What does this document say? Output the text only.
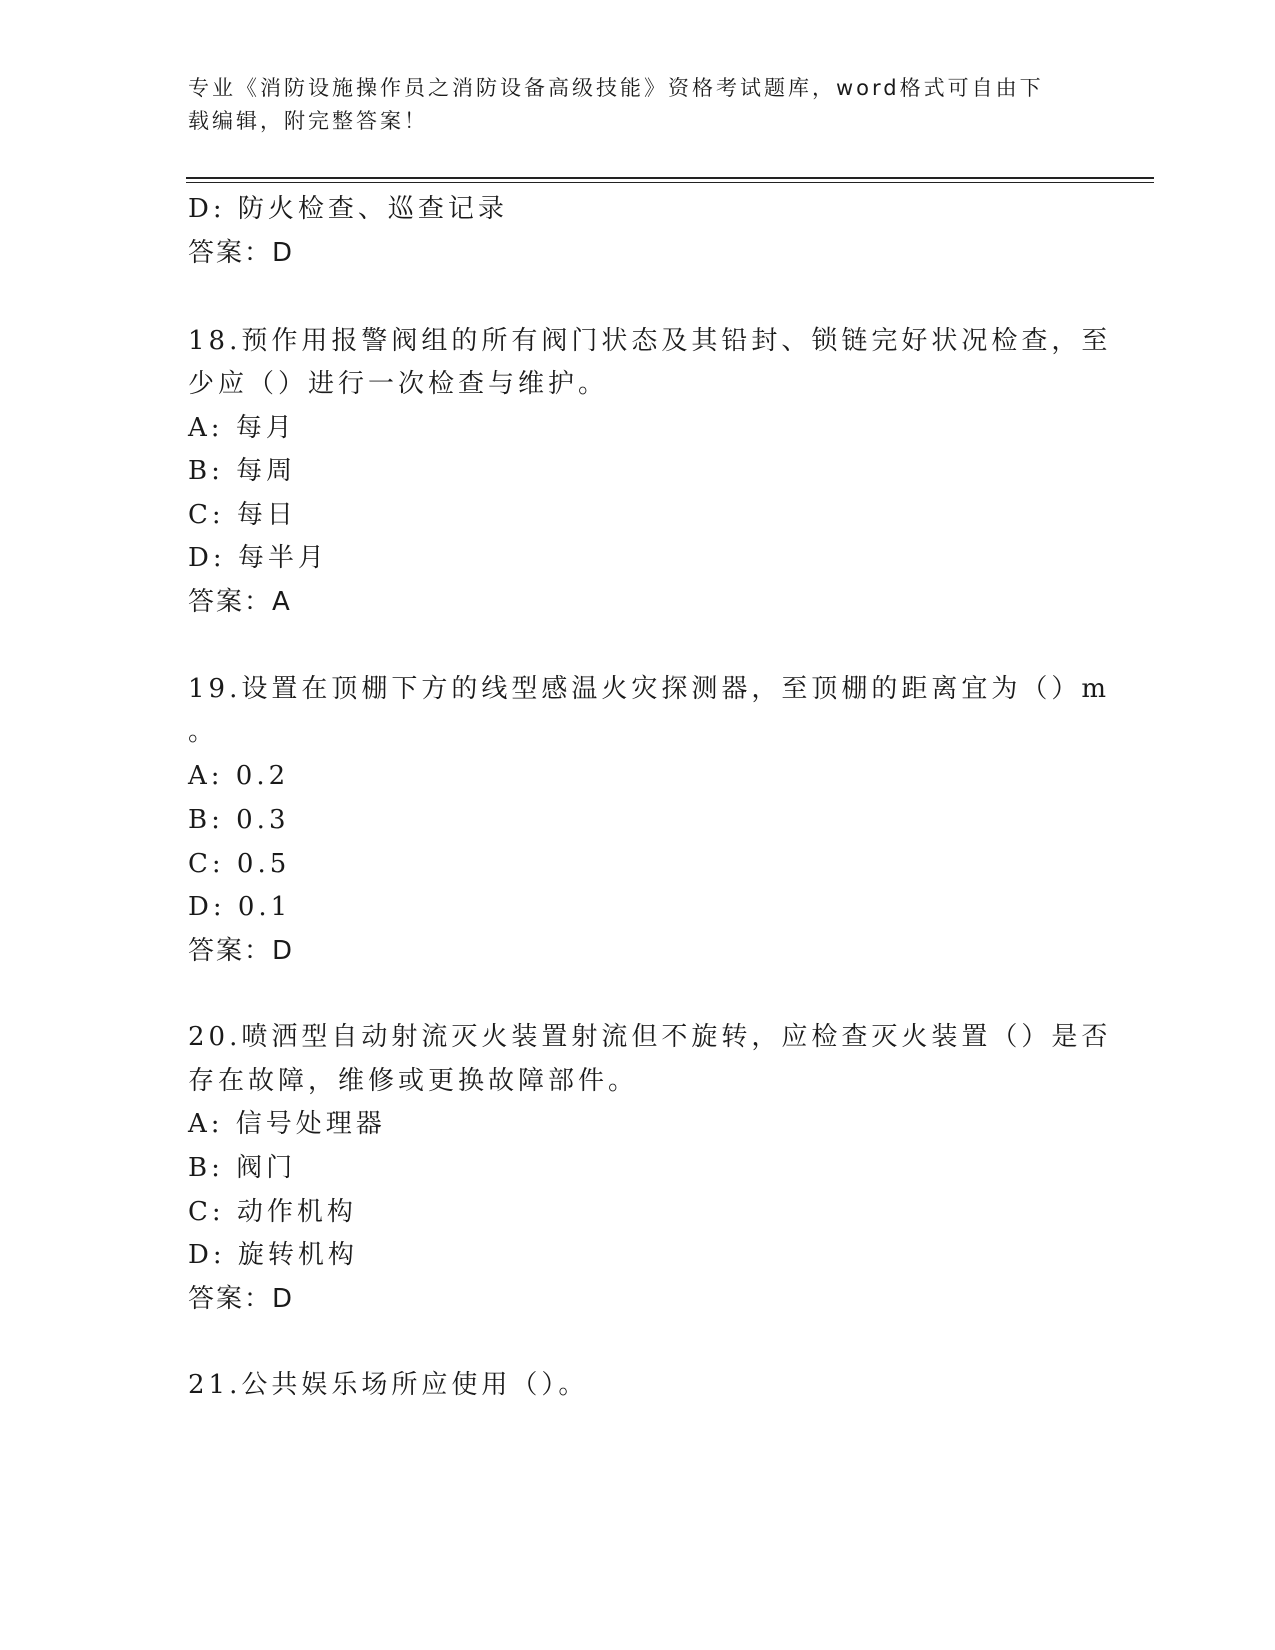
专业《消防设施操作员之消防设备高级技能》资格考试题库，word格式可自由下
载编辑，附完整答案！
D: 防火检查、巡查记录
答案：D
18.预作用报警阀组的所有阀门状态及其铅封、锁链完好状况检查，至
少应（）进行一次检查与维护。
A: 每月
B: 每周
C: 每日
D: 每半月
答案：A
19.设置在顶棚下方的线型感温火灾探测器，至顶棚的距离宜为（）m
。
A: 0.2
B: 0.3
C: 0.5
D: 0.1
答案：D
20.喷洒型自动射流灭火装置射流但不旋转，应检查灭火装置（）是否
存在故障，维修或更换故障部件。
A: 信号处理器
B: 阀门
C: 动作机构
D: 旋转机构
答案：D
21.公共娱乐场所应使用（）。
